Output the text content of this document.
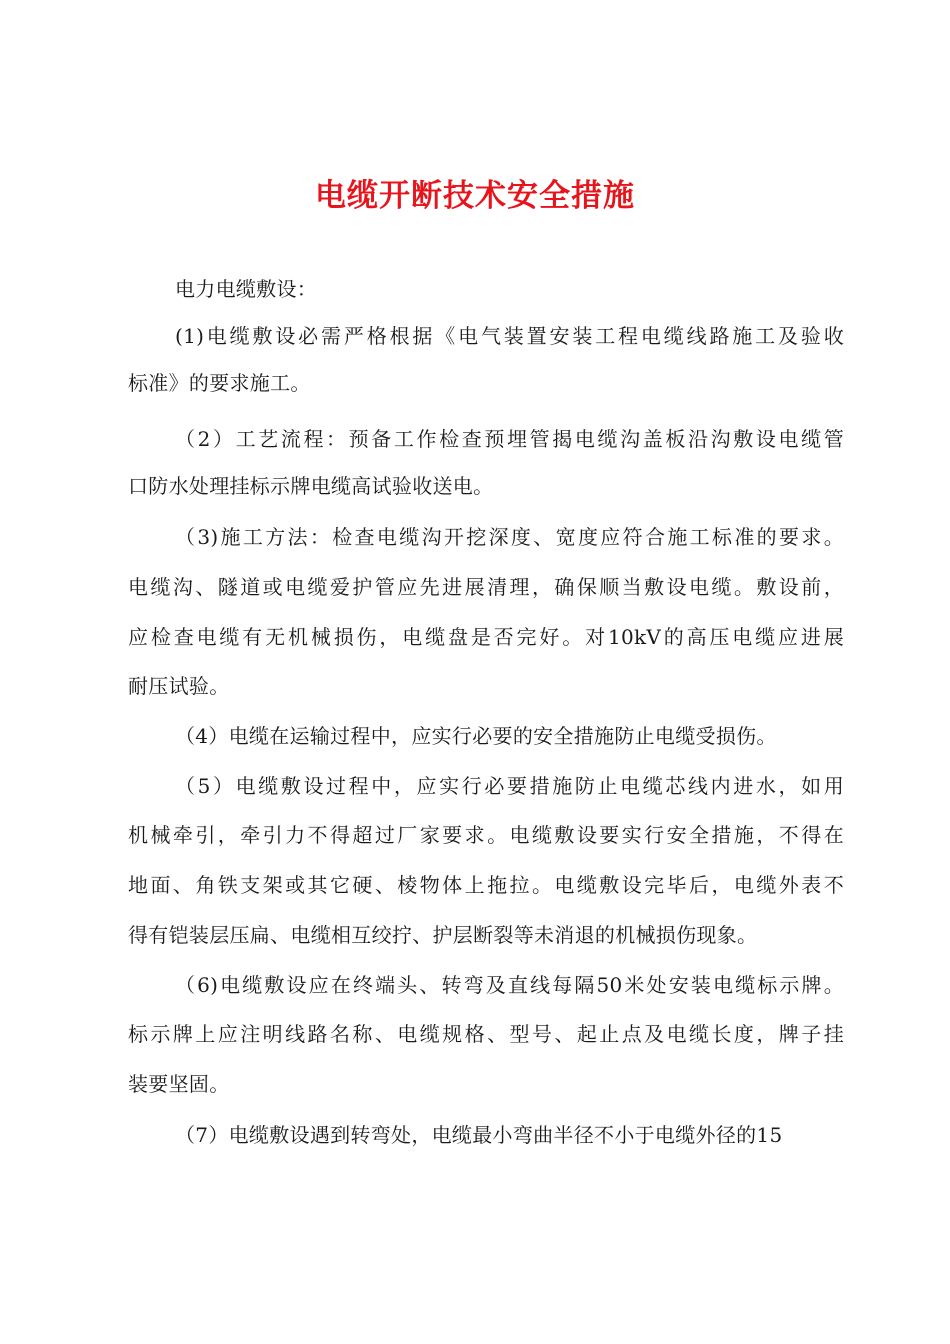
电缆开断技术安全措施
电力电缆敷设：
(1)电缆敷设必需严格根据《电气装置安装工程电缆线路施工及验收
标准》的要求施工。
（2）工艺流程：预备工作检查预埋管揭电缆沟盖板沿沟敷设电缆管
口防水处理挂标示牌电缆高试验收送电。
（3)施工方法：检查电缆沟开挖深度、宽度应符合施工标准的要求。
电缆沟、隧道或电缆爱护管应先进展清理，确保顺当敷设电缆。敷设前，
应检查电缆有无机械损伤，电缆盘是否完好。对10kV的高压电缆应进展
耐压试验。
（4）电缆在运输过程中，应实行必要的安全措施防止电缆受损伤。
（5）电缆敷设过程中，应实行必要措施防止电缆芯线内进水，如用
机械牵引，牵引力不得超过厂家要求。电缆敷设要实行安全措施，不得在
地面、角铁支架或其它硬、棱物体上拖拉。电缆敷设完毕后，电缆外表不
得有铠装层压扁、电缆相互绞拧、护层断裂等未消退的机械损伤现象。
（6)电缆敷设应在终端头、转弯及直线每隔50米处安装电缆标示牌。
标示牌上应注明线路名称、电缆规格、型号、起止点及电缆长度，牌子挂
装要坚固。
（7）电缆敷设遇到转弯处，电缆最小弯曲半径不小于电缆外径的15
